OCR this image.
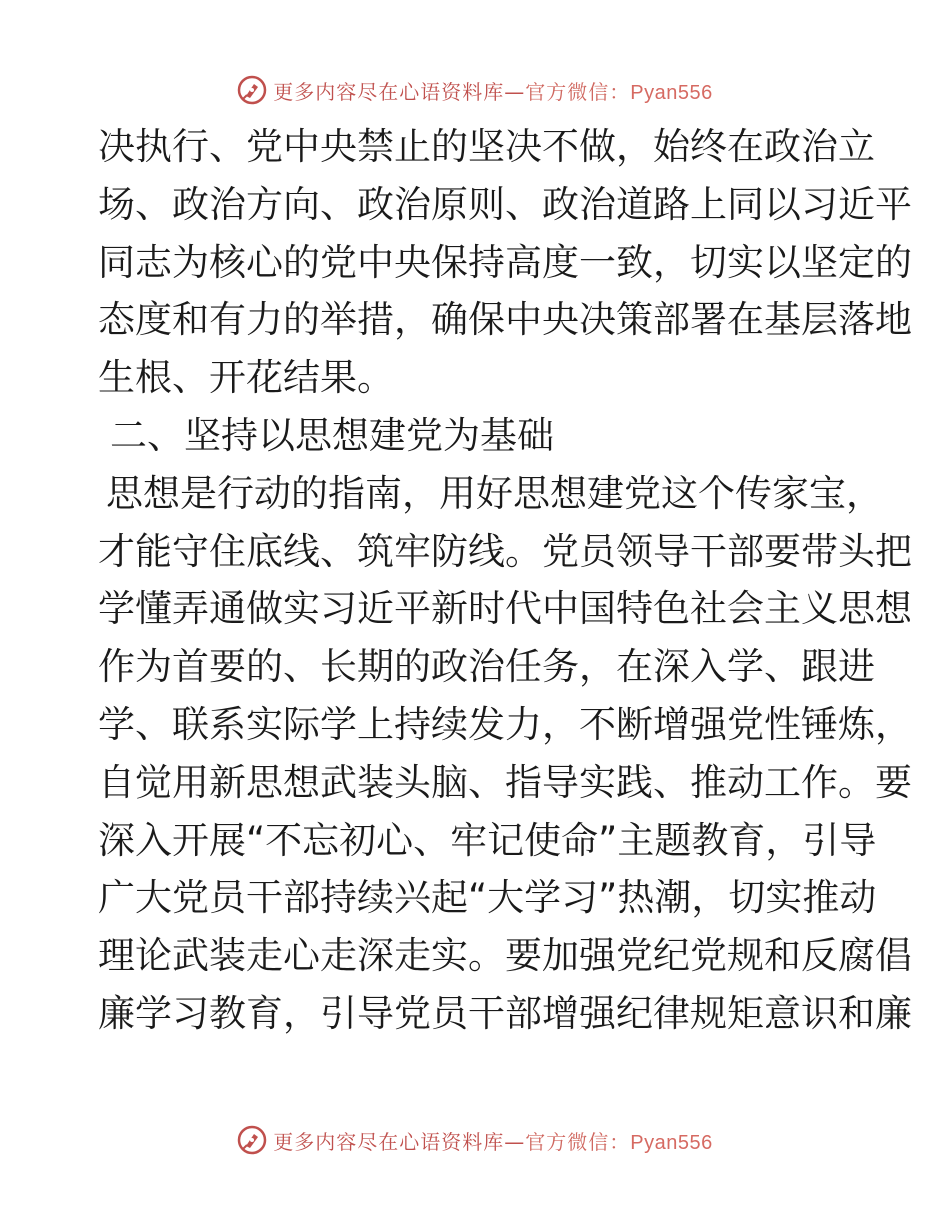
更多内容尽在心语资料库—官方微信：Pyan556

决执行、党中央禁止的坚决不做，始终在政治立

场、政治方向、政治原则、政治道路上同以习近平

同志为核心的党中央保持高度一致，切实以坚定的

态度和有力的举措，确保中央决策部署在基层落地

生根、开花结果。

二、坚持以思想建党为基础

思想是行动的指南，用好思想建党这个传家宝，

才能守住底线、筑牢防线。党员领导干部要带头把

学懂弄通做实习近平新时代中国特色社会主义思想

作为首要的、长期的政治任务，在深入学、跟进

学、联系实际学上持续发力，不断增强党性锤炼，

自觉用新思想武装头脑、指导实践、推动工作。要

深入开展“不忘初心、牢记使命”主题教育，引导

广大党员干部持续兴起“大学习”热潮，切实推动

理论武装走心走深走实。要加强党纪党规和反腐倡

廉学习教育，引导党员干部增强纪律规矩意识和廉

更多内容尽在心语资料库—官方微信：Pyan556
